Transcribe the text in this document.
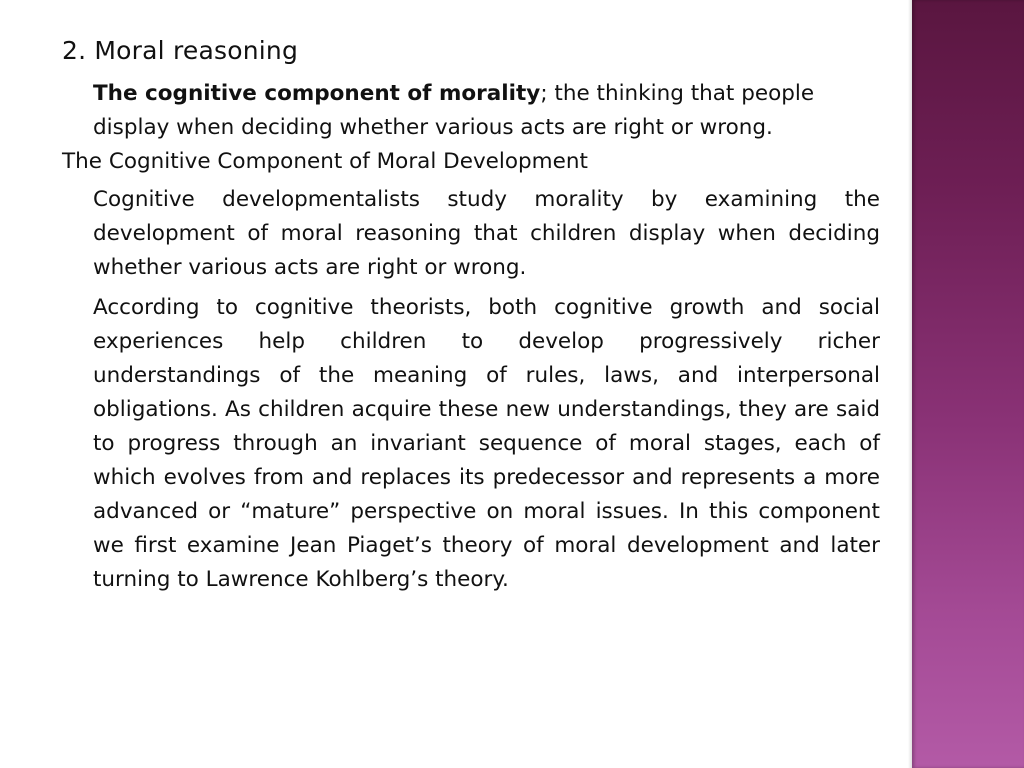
2. Moral reasoning

The cognitive component of morality; the thinking that people display when deciding whether various acts are right or wrong.

The Cognitive Component of Moral Development

Cognitive developmentalists study morality by examining the development of moral reasoning that children display when deciding whether various acts are right or wrong.

According to cognitive theorists, both cognitive growth and social experiences help children to develop progressively richer understandings of the meaning of rules, laws, and interpersonal obligations. As children acquire these new understandings, they are said to progress through an invariant sequence of moral stages, each of which evolves from and replaces its predecessor and represents a more advanced or “mature” perspective on moral issues. In this component we first examine Jean Piaget’s theory of moral development and later turning to Lawrence Kohlberg’s theory.
